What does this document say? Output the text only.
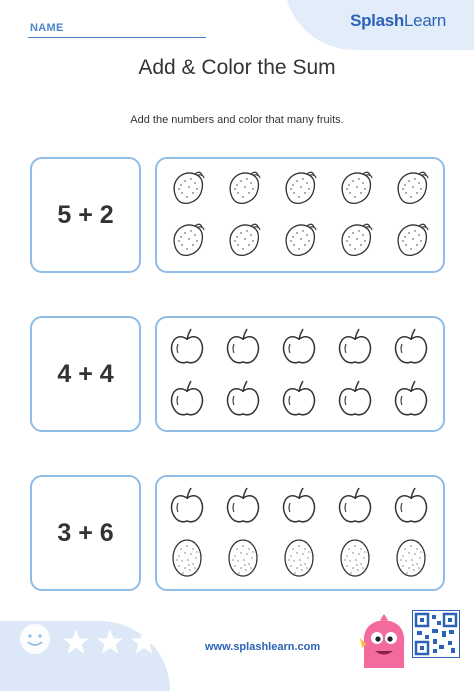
NAME	SplashLearn
Add & Color the Sum
Add the numbers and color that many fruits.
5 + 2
4 + 4
3 + 6
www.splashlearn.com
